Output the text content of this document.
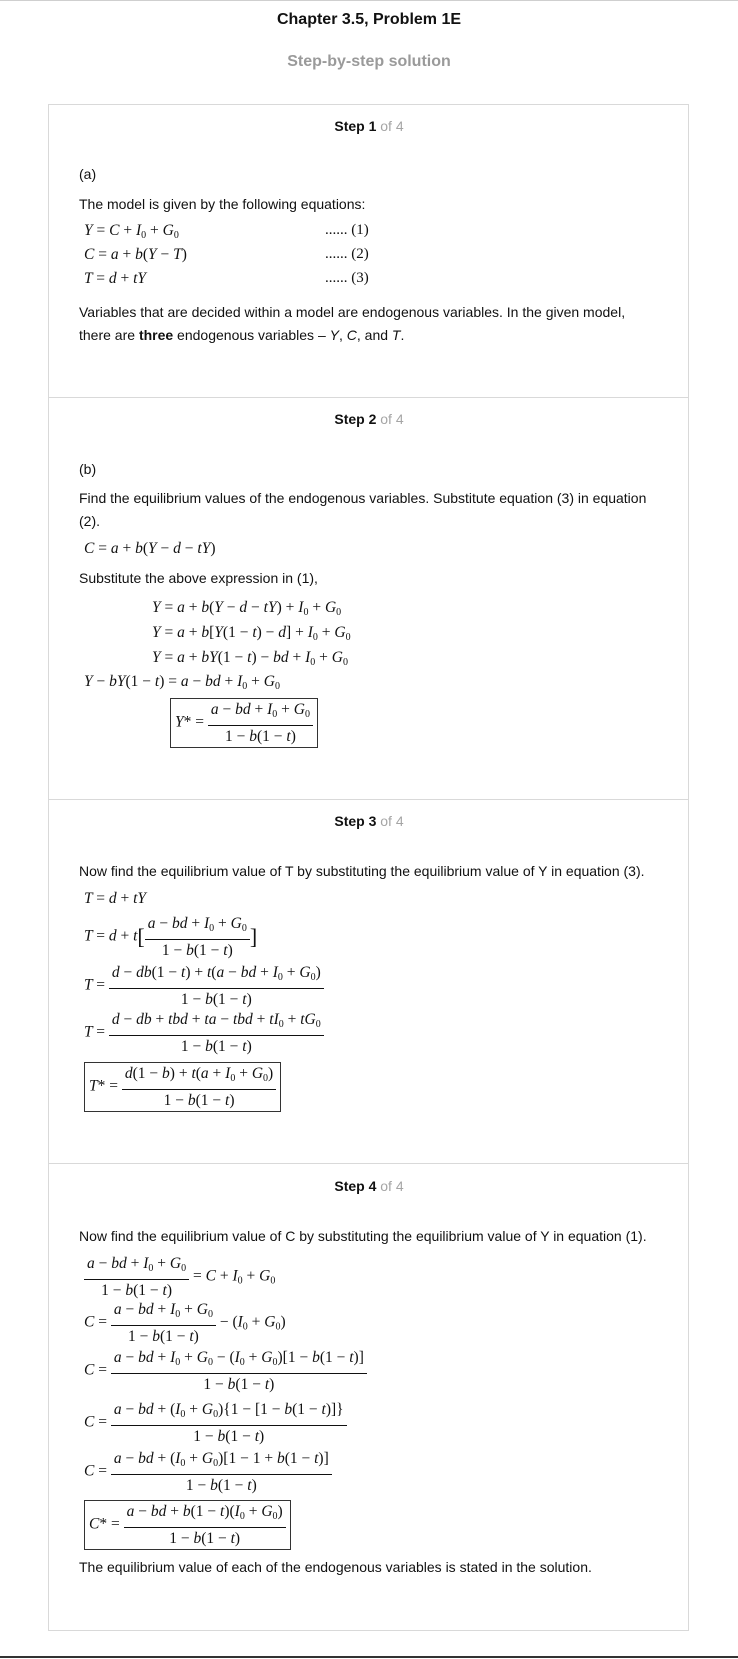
Chapter 3.5, Problem 1E
Step-by-step solution
Step 1 of 4
(a)
The model is given by the following equations:
$Y = C + I_0 + G_0$	...... (1)
C = a + b(Y − T)	...... (2)
T = d + tY	...... (3)
Variables that are decided within a model are endogenous variables. In the given model, there are three endogenous variables – Y, C, and T.
Step 2 of 4
(b)
Find the equilibrium values of the endogenous variables. Substitute equation (3) in equation (2).
C = a + b(Y − d − tY)
Substitute the above expression in (1),
$Y = a + b(Y - d - tY) + I_0 + G_0$
$Y = a + b[Y(1 - t) - d] + I_0 + G_0$
Y = a + bY(1 − t) − bd + $I_0 + G_0$
Y − bY(1 − t) = a − bd + $I_0 + G_0$
$Y* = \frac{a - bd + I_0 + G_0}{1 - b(1 - t)}$
Step 3 of 4
Now find the equilibrium value of T by substituting the equilibrium value of Y in equation (3).
T = d + tY
$T = d + t[ \frac{a - bd + I_0 + G_0}{1 - b(1 - t)}$ ]
$T = \frac{d - db(1 - t) + t(a - bd + I_0 + G_0)}{1 - b(1 - t)}$
$T = \frac{d - db + tbd + ta - tbd + tI_0 + tG_0}{1 - b(1 - t)}$
$T* = \frac{d(1 - b) + t(a + I_0 + G_0)}{1 - b(1 - t)}$
Step 4 of 4
Now find the equilibrium value of C by substituting the equilibrium value of Y in equation (1).
$\frac{a - bd + I_0 + G_0}{1 - b(1 - t)} = C + I_0 + G_0$
$C = \frac{a - bd + I_0 + G_0}{1 - b(1 - t)} - (I_0 + G_0)$
$C = \frac{a - bd + I_0 + G_0 - (I_0 + G_0)[1 - b(1 - t)]}{1 - b(1 - t)}$
$C = \frac{a - bd + (I_0 + G_0)\{1 - [1 - b(1 - t)]\}}{1 - b(1 - t)}$
$C = \frac{a - bd + (I_0 + G_0)[1 - 1 + b(1 - t)]}{1 - b(1 - t)}$
$C* = \frac{a - bd + b(1 - t)(I_0 + G_0)}{1 - b(1 - t)}$
The equilibrium value of each of the endogenous variables is stated in the solution.
